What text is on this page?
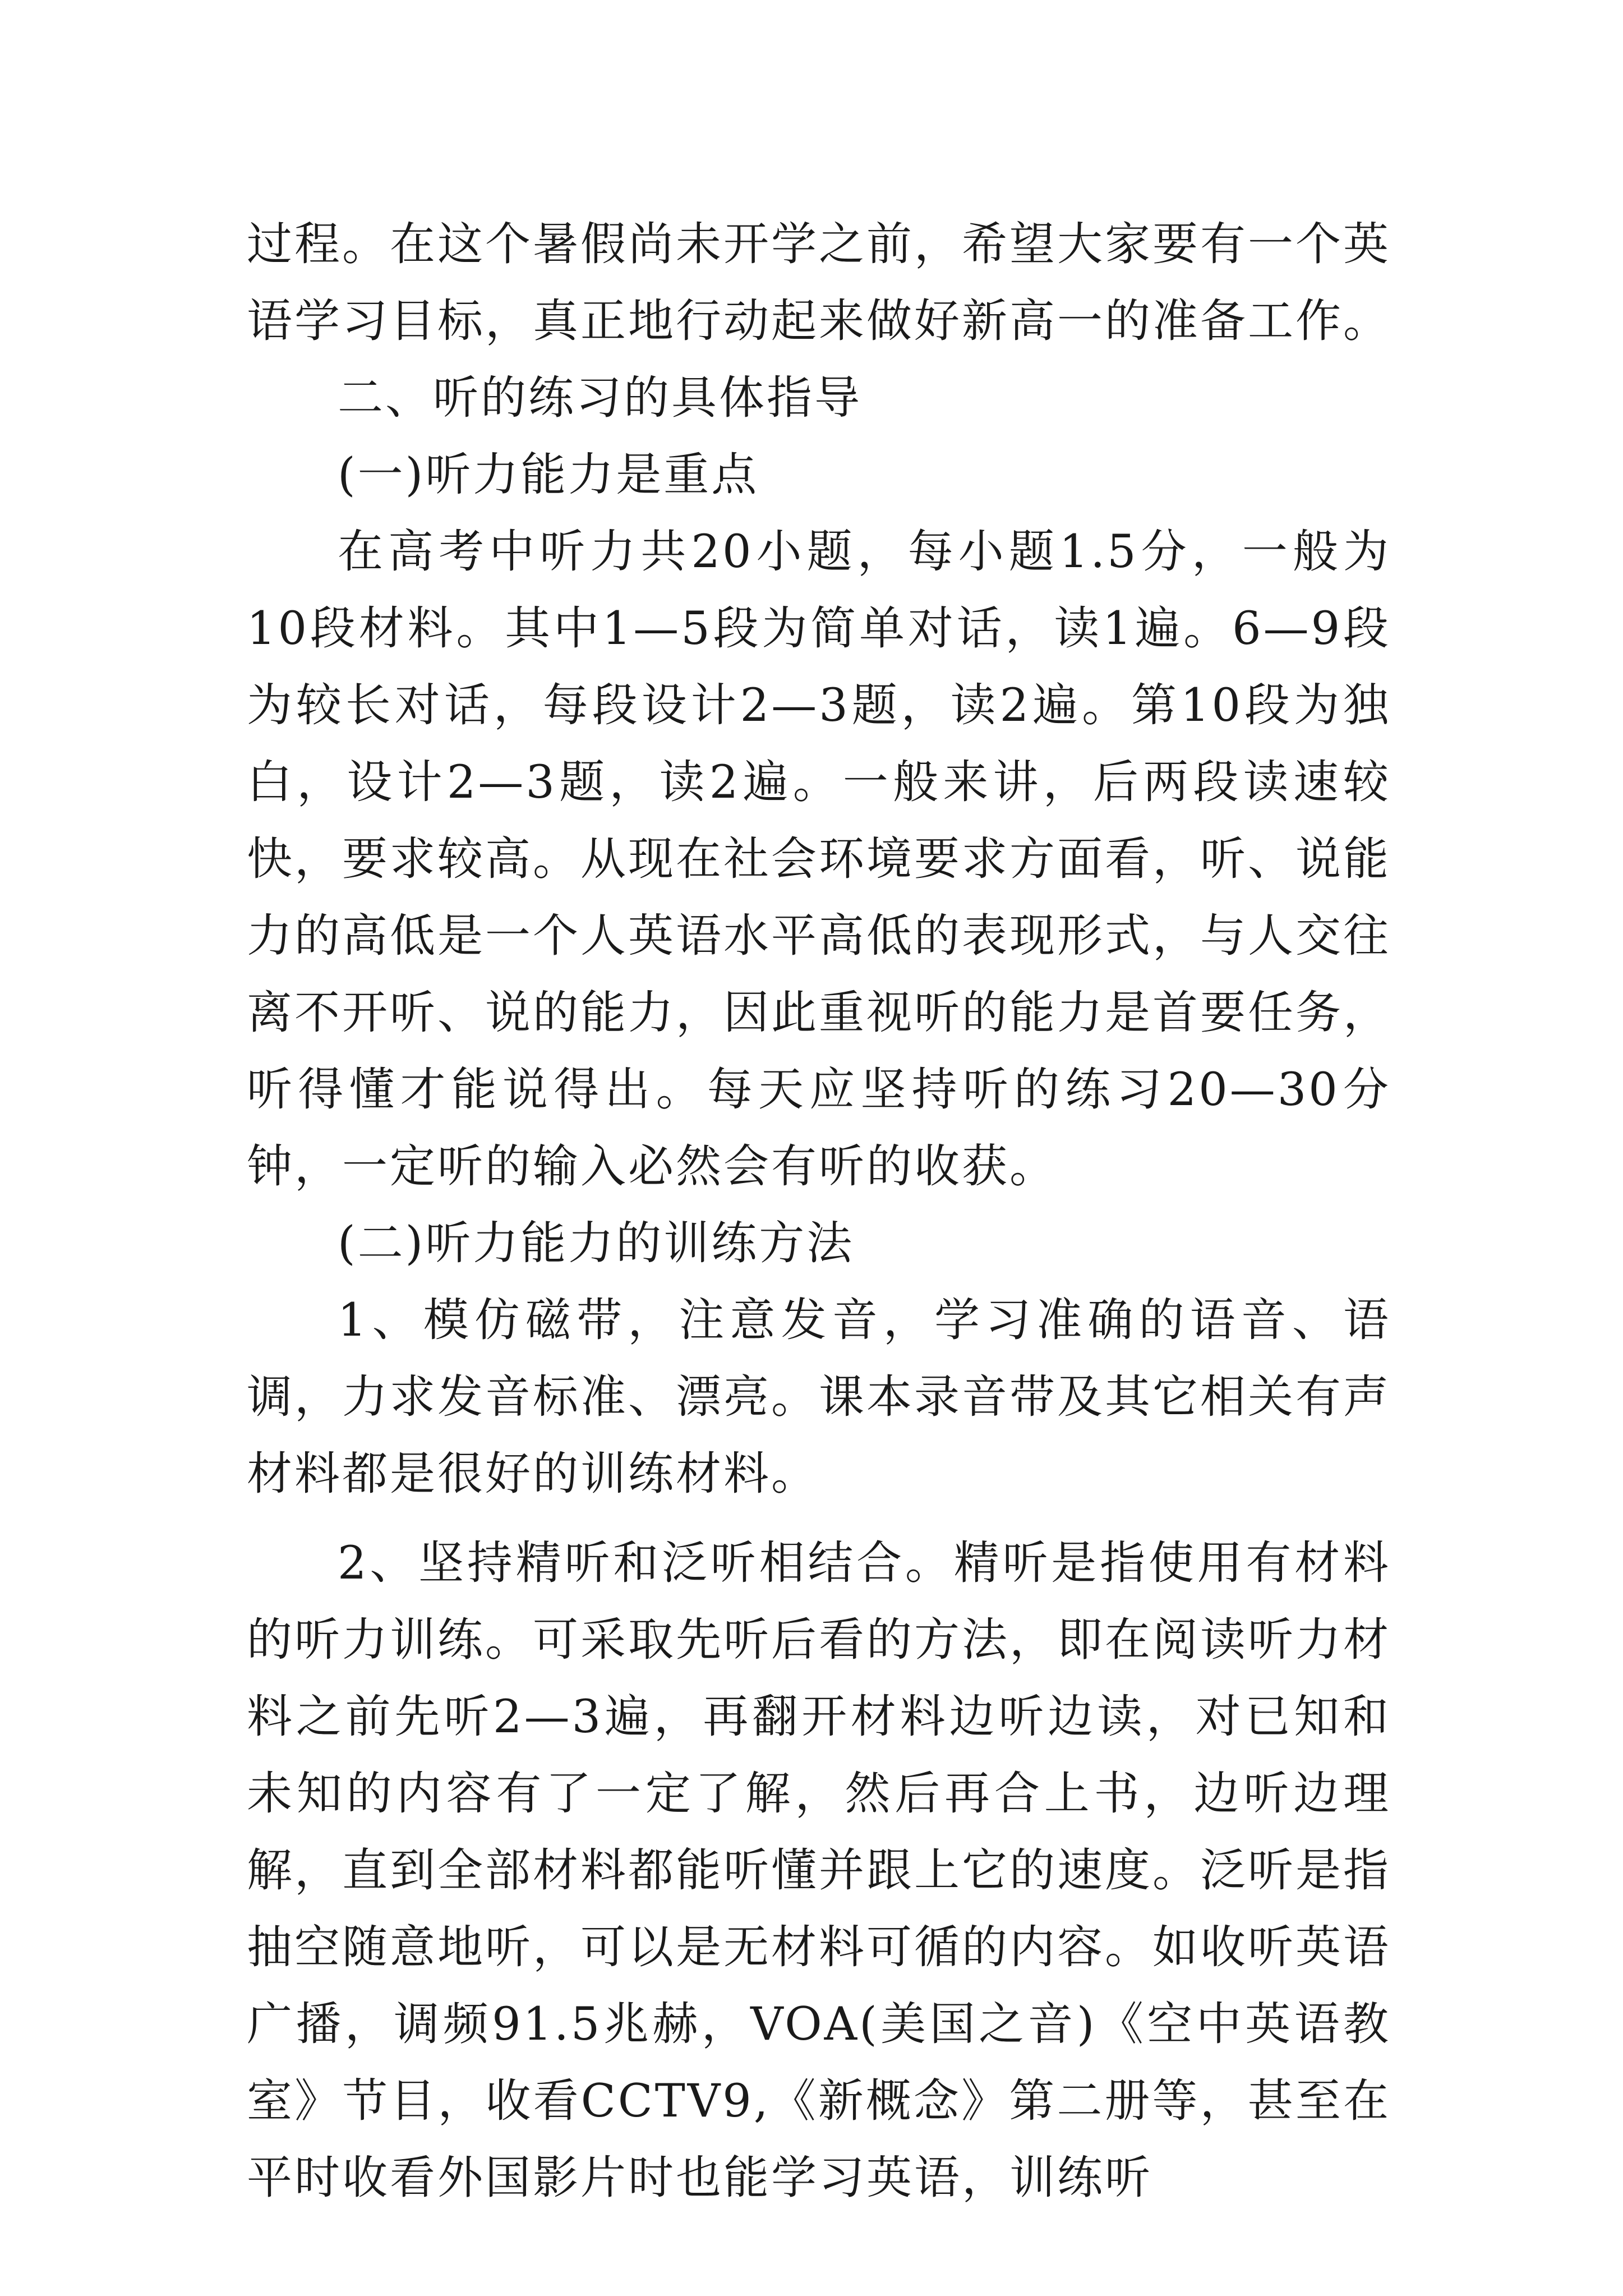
过程。在这个暑假尚未开学之前，希望大家要有一个英语学习目标，真正地行动起来做好新高一的准备工作。

二、听的练习的具体指导

(一)听力能力是重点

在高考中听力共20小题，每小题1.5分，一般为10段材料。其中1—5段为简单对话，读1遍。6—9段为较长对话，每段设计2—3题，读2遍。第10段为独白，设计2—3题，读2遍。一般来讲，后两段读速较快，要求较高。从现在社会环境要求方面看，听、说能力的高低是一个人英语水平高低的表现形式，与人交往离不开听、说的能力，因此重视听的能力是首要任务，听得懂才能说得出。每天应坚持听的练习20—30分钟，一定听的输入必然会有听的收获。

(二)听力能力的训练方法

1、模仿磁带，注意发音，学习准确的语音、语调，力求发音标准、漂亮。课本录音带及其它相关有声材料都是很好的训练材料。

2、坚持精听和泛听相结合。精听是指使用有材料的听力训练。可采取先听后看的方法，即在阅读听力材料之前先听2—3遍，再翻开材料边听边读，对已知和未知的内容有了一定了解，然后再合上书，边听边理解，直到全部材料都能听懂并跟上它的速度。泛听是指抽空随意地听，可以是无材料可循的内容。如收听英语广播，调频91.5兆赫，VOA(美国之音)《空中英语教室》节目，收看CCTV9,《新概念》第二册等，甚至在平时收看外国影片时也能学习英语，训练听
